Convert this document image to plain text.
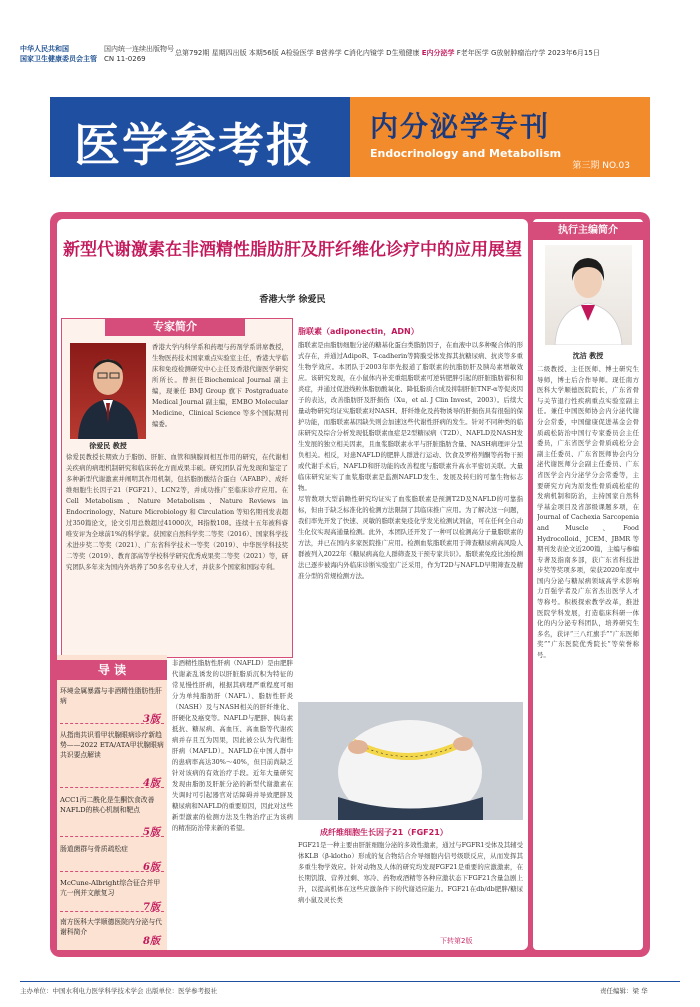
中华人民共和国
国家卫生健康委员会主管
国内统一连续出版物号
CN 11-0269
总第792期 星期四出版 本期56版 A检验医学 B营养学 C消化内镜学 D生殖健康 E内分泌学 F老年医学 G放射肿瘤治疗学 2023年6月15日
医学参考报	内分泌学专刊
Endocrinology and Metabolism
第三期 NO.03
新型代谢激素在非酒精性脂肪肝及肝纤维化诊疗中的应用展望
香港大学 徐爱民
专家简介
徐爱民 教授
香港大学内科学系和药理与药剂学系讲席教授，生物医药技术国家重点实验室主任，香港大学临床和免疫检测研究中心主任及香港代谢医学研究所所长。曾担任Biochemical Journal 副主编，现兼任 BMJ Group 旗下 Postgraduate Medical Journal 副主编，EMBO Molecular Medicine、Clinical Science 等多个国际期刊编委。
徐爱民教授长期致力于脂肪、肝脏、血管和胰腺间相互作用的研究，在代谢相关疾病的病理机制研究和临床转化方面成果丰硕。研究团队首先发现和鉴定了多种新型代谢激素并阐明其作用机制，包括脂肪酸结合蛋白（AFABP）、成纤维细胞生长因子21（FGF21）、LCN2等，并成功推广至临床诊疗应用。在 Cell Metabolism、Nature Metabolism、Nature Reviews in Endocrinology、Nature Microbiology 和 Circulation 等知名期刊发表超过350篇论文，论文引用总数超过41000次，H指数108。连续十五年被科睿唯安评为全球前1%的科学家。获国家自然科学奖二等奖（2016）、国家科学技术进步奖二等奖（2021）、广东省科学技术一等奖（2019）、中华医学科技奖二等奖（2019）、教育部高等学校科学研究优秀成果奖二等奖（2021）等，研究团队多年来为国内外培养了50多名专业人才，并获多个国家和国际专利。
脂联素（adiponectin，ADN）
脂联素是由脂肪细胞分泌的糖基化蛋白类脂肪因子，在血液中以多种聚合体的形式存在，并通过AdipoR、T-cadherin等跨膜受体发挥其抗糖尿病、抗炎等多重生物学效应。本团队于2003年率先报道了脂联素的抗脂肪肝及胰岛素增敏效应。该研究发现，在小鼠体内补充重组脂联素可逆转肥胖引起的肝脏脂肪蓄积和炎症，并通过促进线粒体脂肪酸氧化、降低脂质合成及抑制肝脏TNF-α等促炎因子的表达，改善脂肪肝及肝损伤（Xu，et al. J Clin Invest，2003）。后续大量动物研究均证实脂联素对NASH、肝纤维化及药物诱导的肝损伤具有很强的保护功能，而脂联素基因缺失则会加速这些代谢性肝病的发生。针对不同种类的临床研究及综合分析发现低脂联素血症是2型糖尿病（T2D）、NAFLD及NASH发生发展的独立相关因素，且血浆脂联素水平与肝脏脂肪含量、NASH病理评分呈负相关。相反，对患NAFLD的肥胖人群进行运动、饮食及罗格列酮等药物干预或代谢手术后，NAFLD和肝功能的改善程度与脂联素升高水平密切关联。大量临床研究证实了血浆脂联素是监测NAFLD发生、发展及转归的可靠生物标志物。
尽管数项大型前瞻性研究均证实了血浆脂联素是预测T2D及NAFLD的可靠指标，但由于缺乏标准化的检测方法限制了其临床推广应用。为了解决这一问题，我们率先开发了快速、灵敏的脂联素免疫化学发光检测试剂盒，可在任何全自动生化仪实现高通量检测。此外，本团队还开发了一种可以检测高分子量脂联素的方法，并已在国内多家医院推广应用。检测血浆脂联素用于筛查糖尿病高风险人群被列入2022年《糖尿病高危人群筛查及干预专家共识》。脂联素免疫比浊检测法已逐步被海内外临床诊断实验室广泛采用，作为T2D与NAFLD早期筛查及精准分型的常规检测方法。
导 读
环境金属暴露与非酒精性脂肪性肝病
3版
从指南共识看甲状腺眼病诊疗新趋势——2022 ETA/ATA甲状腺眼病共识要点解读
4版
ACC1丙二酰化是生酮饮食改善NAFLD的核心机制和靶点
5版
肠道菌群与骨质疏松症
6版
McCune-Albright综合征合并甲亢一例并文献复习
7版
南方医科大学顺德医院内分泌与代谢科简介
8版
非酒精性脂肪性肝病（NAFLD）是由肥胖代谢紊乱诱发的以肝脏脂质沉积为特征的常见慢性肝病，根据其病理严重程度可细分为单纯脂肪肝（NAFL）、脂肪性肝炎（NASH）及与NASH相关的肝纤维化、肝硬化及癌变等。NAFLD与肥胖、胰岛素抵抗、糖尿病、高血压、高血脂等代谢疾病并存且互为因果，因此被公认为代谢性肝病（MAFLD）。NAFLD在中国人群中的患病率高达30%～40%，但目前尚缺乏针对该病的有效治疗手段。近年大量研究发现由脂肪及肝脏分泌的新型代谢激素在失调时可引起器官对话障碍并导致肥胖及糖尿病和NAFLD的重要原因，因此对这些新型激素的检测方法及生物治疗正为该病的精准防治带来新的希望。	成纤维细胞生长因子21（FGF21）
FGF21是一种主要由肝脏细胞分泌的多效性激素，通过与FGFR1受体及其辅受体KLB（β-klotho）形成的复合物结合介导细胞内信号级联反应，从而发挥其多重生物学效应。针对动物及人体的研究均发现FGF21是重要的应激激素，在长期饥饿、营养过剩、寒冷、药物或酒精等各种应激状态下FGF21含量急剧上升，以提高机体在这些应激条件下的代谢适应能力。FGF21在db/db肥胖/糖尿病小鼠及灵长类
下转第2版
执行主编简介
沈洁 教授
二级教授、主任医师、博士研究生导师，博士后合作导师。现任南方医科大学顺德医院院长，广东省骨与关节退行性疾病重点实验室副主任。兼任中国医师协会内分泌代谢分会常委，中国健康促进基金会骨质疏松防治中国行专家委员会主任委员，广东省医学会骨质疏松分会副主任委员、广东省医师协会内分泌代谢医师分会副主任委员、广东省医学会内分泌学分会常委等，主要研究方向为原发性骨质疏松症的发病机制和防治，主持国家自然科学基金项目及省部级课题多项，在 Journal of Cachexia Sarcopenia and Muscle、Food Hydrocolloid、JCEM、JBMR 等期刊发表论文近200篇，主编与参编专著及指南多部，获广东省科技进步奖等奖项多项，荣获2020年度中国内分泌与糖尿病领域高学术影响力百强学者及广东省杰出医学人才等称号。积极探索教学改革，推进医院学科发展，打造临床科研一体化的内分泌专科团队，培养研究生多名，获评“三八红旗手”“广东医师奖”“广东医院优秀院长”等荣誉称号。
主办单位：中国水利电力医学科学技术学会 出版单位：医学参考报社	责任编辑：梁 华
